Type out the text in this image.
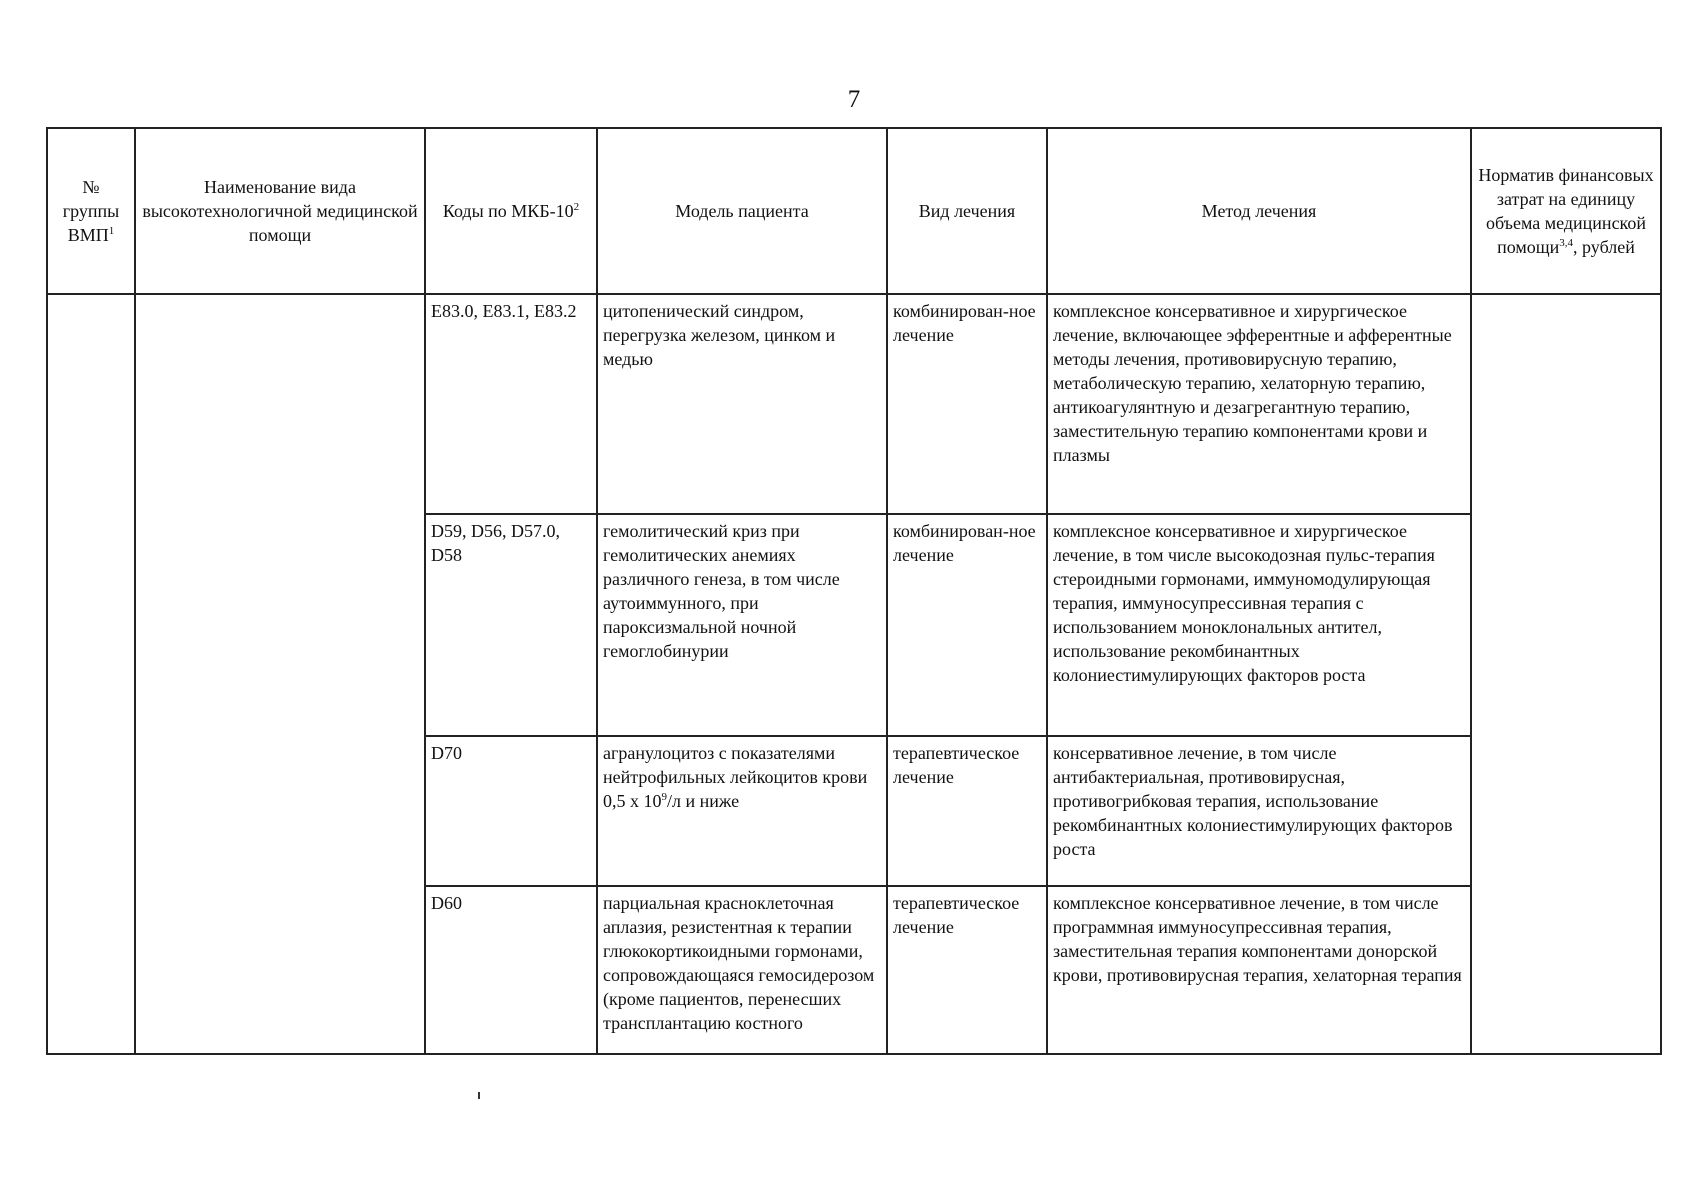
7
№ группы ВМП$^1$	Наименование вида высокотехнологичной медицинской помощи	Коды по МКБ-$10^2$	Модель пациента	Вид лечения	Метод лечения	Норматив финансовых затрат на единицу объема медицинской помощи$^{3,4}$, рублей
		E83.0, E83.1, E83.2	цитопенический синдром, перегрузка железом, цинком и медью	комбинирован-ное лечение	комплексное консервативное и хирургическое лечение, включающее эфферентные и афферентные методы лечения, противовирусную терапию, метаболическую терапию, хелаторную терапию, антикоагулянтную и дезагрегантную терапию, заместительную терапию компонентами крови и плазмы	
		D59, D56, D57.0, D58	гемолитический криз при гемолитических анемиях различного генеза, в том числе аутоиммунного, при пароксизмальной ночной гемоглобинурии	комбинирован-ное лечение	комплексное консервативное и хирургическое лечение, в том числе высокодозная пульс-терапия стероидными гормонами, иммуномодулирующая терапия, иммуносупрессивная терапия с использованием моноклональных антител, использование рекомбинантных колониестимулирующих факторов роста	
		D70	агранулоцитоз с показателями нейтрофильных лейкоцитов крови 0,5 x $10^9/л$ и ниже	терапевтическое лечение	консервативное лечение, в том числе антибактериальная, противовирусная, противогрибковая терапия, использование рекомбинантных колониестимулирующих факторов роста	
		D60	парциальная красноклеточная аплазия, резистентная к терапии глюкокортикоидными гормонами, сопровождающаяся гемосидерозом (кроме пациентов, перенесших трансплантацию костного	терапевтическое лечение	комплексное консервативное лечение, в том числе программная иммуносупрессивная терапия, заместительная терапия компонентами донорской крови, противовирусная терапия, хелаторная терапия	
